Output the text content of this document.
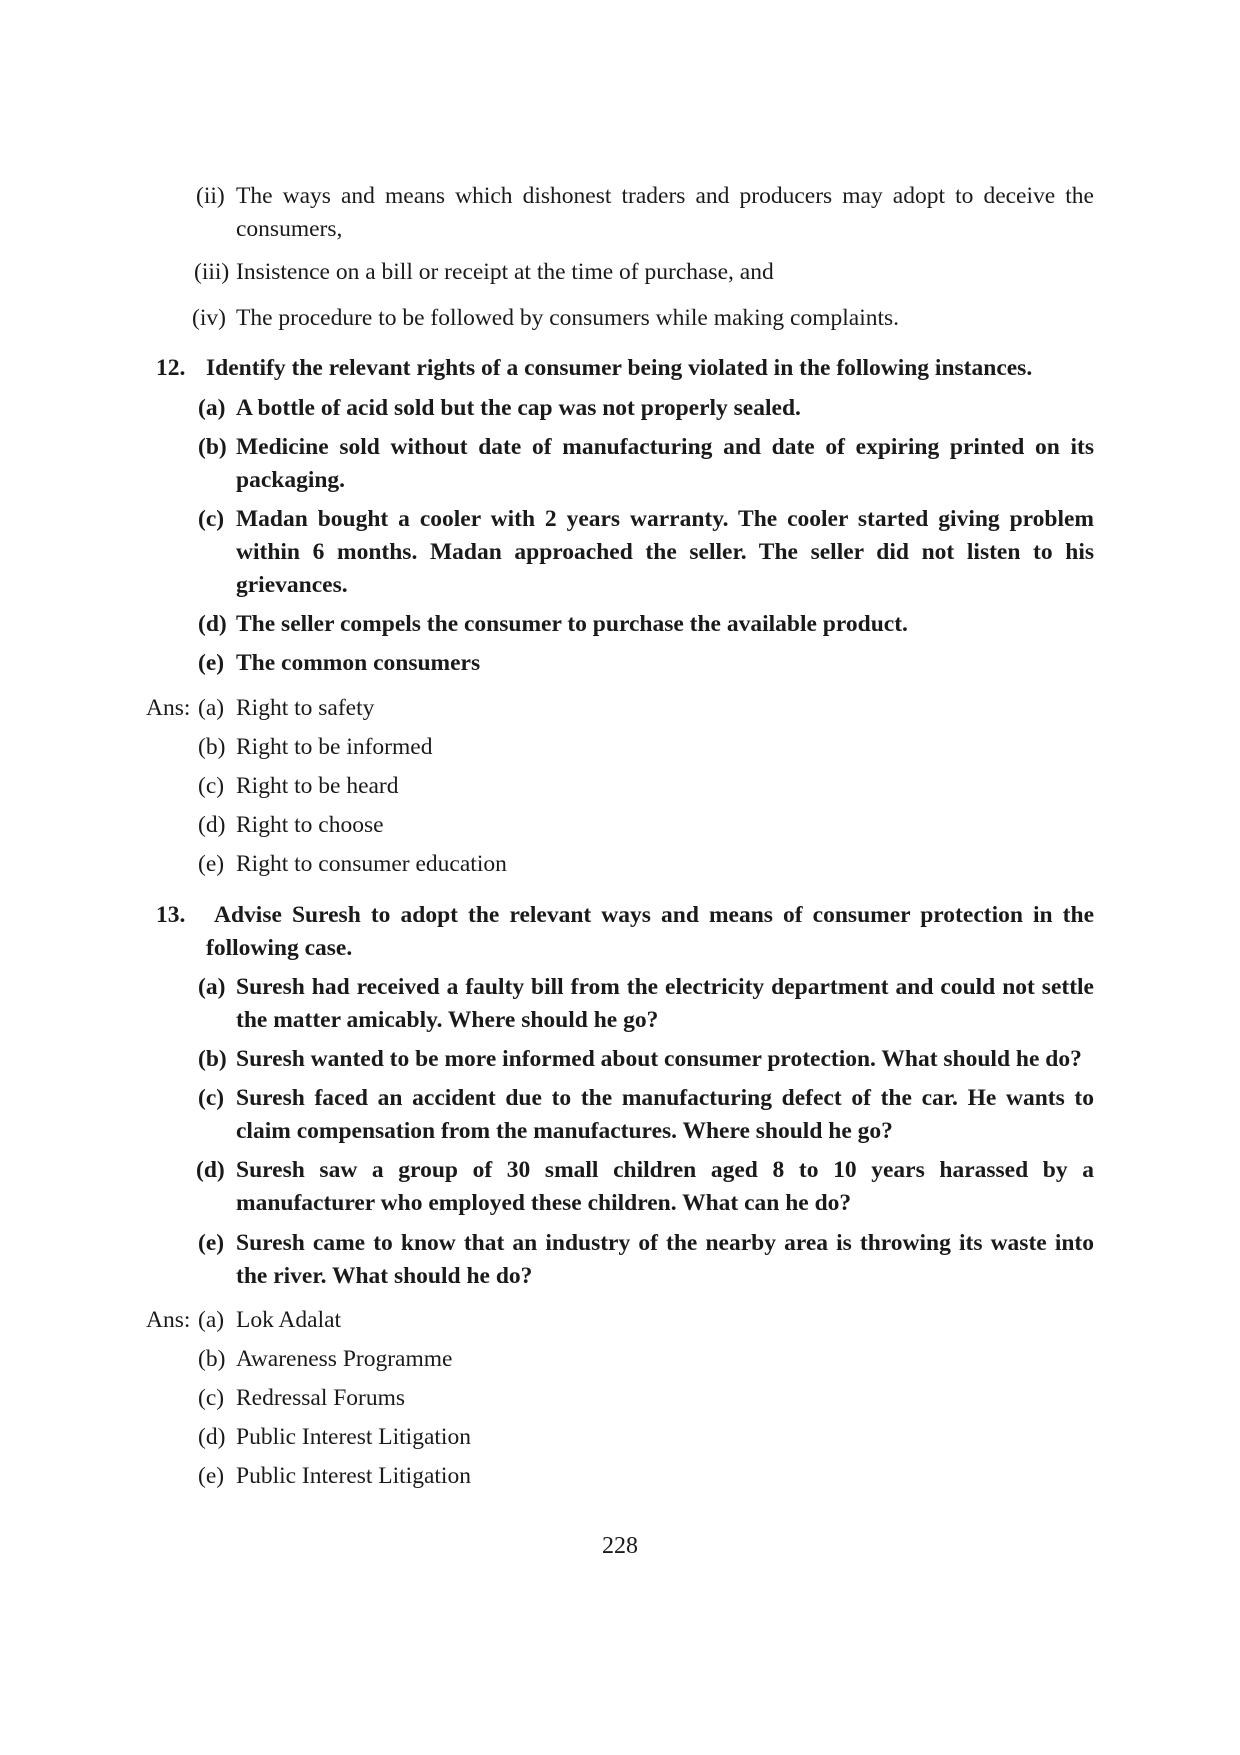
(ii) The ways and means which dishonest traders and producers may adopt to deceive the consumers,
(iii) Insistence on a bill or receipt at the time of purchase, and
(iv) The procedure to be followed by consumers while making complaints.
12. Identify the relevant rights of a consumer being violated in the following instances.
(a) A bottle of acid sold but the cap was not properly sealed.
(b) Medicine sold without date of manufacturing and date of expiring printed on its packaging.
(c) Madan bought a cooler with 2 years warranty. The cooler started giving problem within 6 months. Madan approached the seller. The seller did not listen to his grievances.
(d) The seller compels the consumer to purchase the available product.
(e) The common consumers
Ans: (a) Right to safety
(b) Right to be informed
(c) Right to be heard
(d) Right to choose
(e) Right to consumer education
13.	Advise Suresh to adopt the relevant ways and means of consumer protection in the following case.
(a) Suresh had received a faulty bill from the electricity department and could not settle the matter amicably. Where should he go?
(b) Suresh wanted to be more informed about consumer protection. What should he do?
(c) Suresh faced an accident due to the manufacturing defect of the car. He wants to claim compensation from the manufactures. Where should he go?
(d) Suresh saw a group of 30 small children aged 8 to 10 years harassed by a manufacturer who employed these children. What can he do?
(e) Suresh came to know that an industry of the nearby area is throwing its waste into the river. What should he do?
Ans: (a) Lok Adalat
(b) Awareness Programme
(c) Redressal Forums
(d) Public Interest Litigation
(e) Public Interest Litigation
228
